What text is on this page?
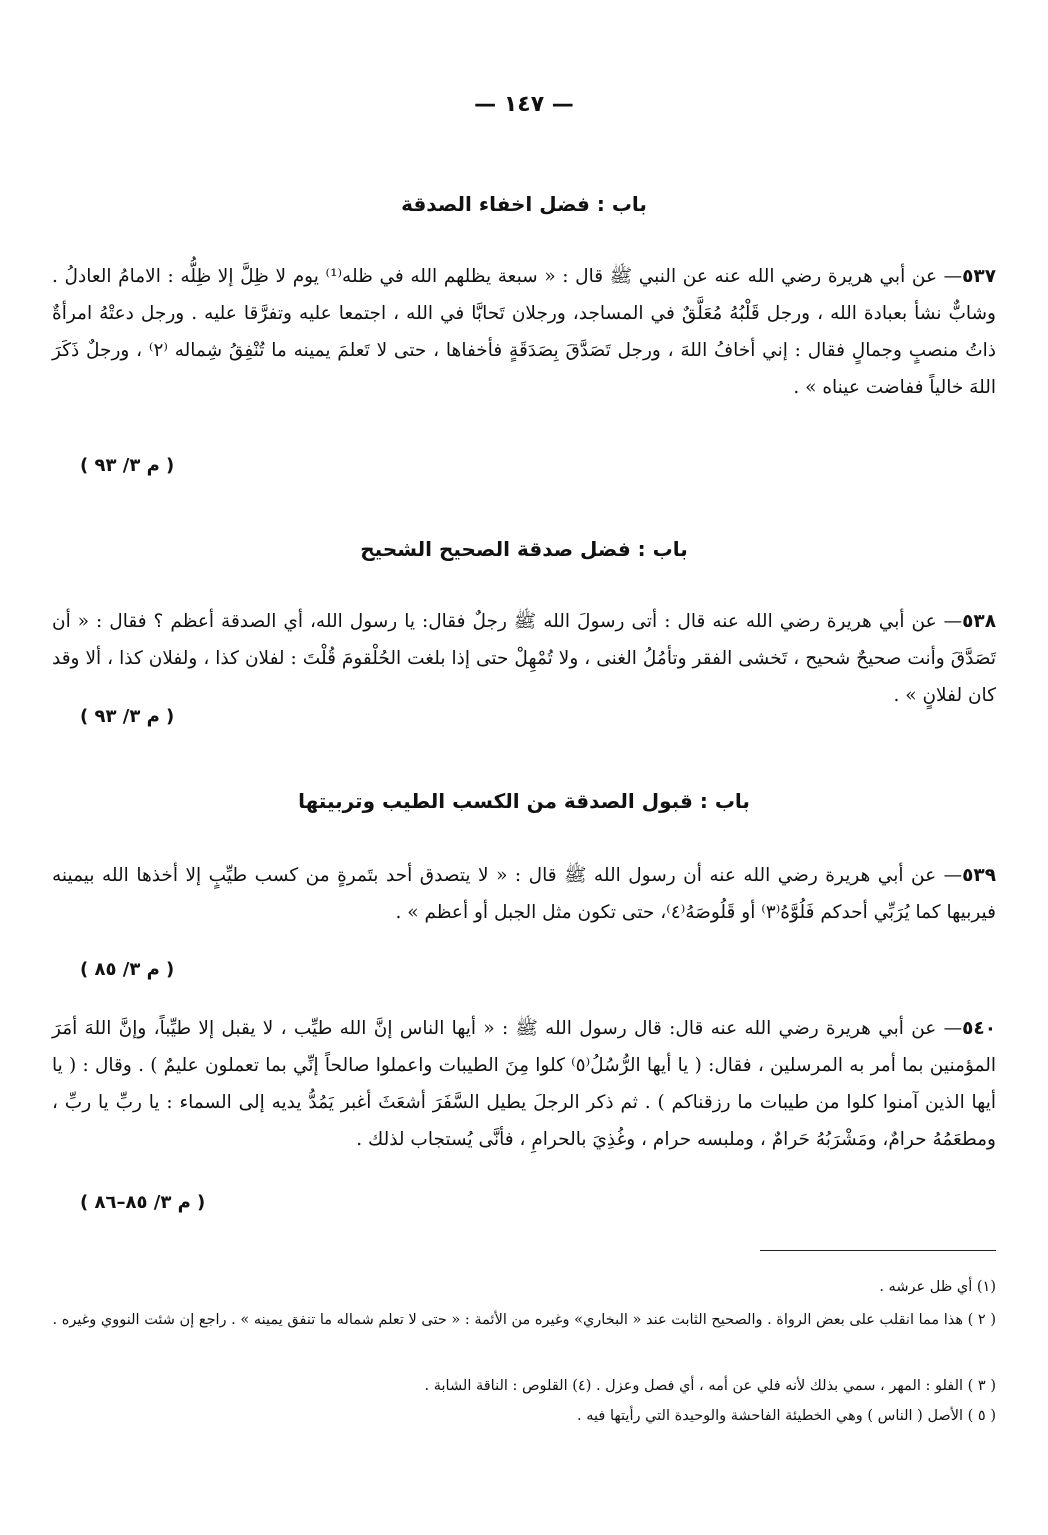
— ١٤٧ —
باب : فضل اخفاء الصدقة
٥٣٧— عن أبي هريرة رضي الله عنه عن النبي ﷺ قال : « سبعة يظلهم الله في ظله⁽¹⁾ يوم لا ظِلَّ إلا ظِلُّه : الامامُ العادلُ . وشابٌّ نشأ بعبادة الله ، ورجل قَلْبُهُ مُعَلَّقٌ في المساجد، ورجلان تَحابَّا في الله ، اجتمعا عليه وتفرَّقا عليه . ورجل دعتْهُ امرأةٌ ذاتُ منصبٍ وجمالٍ فقال : إني أخافُ اللهَ ، ورجل تَصَدَّقَ بِصَدَقَةٍ فأخفاها ، حتى لا تَعلمَ يمينه ما تُنْفِقُ شِماله ⁽٢⁾ ، ورجلٌ ذَكَرَ اللهَ خالياً ففاضت عيناه » .
( م ٣/ ٩٣ )
باب : فضل صدقة الصحيح الشحيح
٥٣٨— عن أبي هريرة رضي الله عنه قال : أتى رسولَ الله ﷺ رجلٌ فقال: يا رسول الله، أي الصدقة أعظم ؟ فقال : « أن تَصَدَّقَ وأنت صحيحٌ شحيح ، تَخشى الفقر وتأمُلُ الغنى ، ولا تُمْهِلْ حتى إذا بلغت الحُلْقومَ قُلْتَ : لفلان كذا ، ولفلان كذا ، ألا وقد كان لفلانٍ » .
( م ٣/ ٩٣ )
باب : قبول الصدقة من الكسب الطيب وتربيتها
٥٣٩— عن أبي هريرة رضي الله عنه أن رسول الله ﷺ قال : « لا يتصدق أحد بتَمرةٍ من كسب طيِّبٍ إلا أخذها الله بيمينه فيربيها كما يُرَبِّي أحدكم فَلُوَّهُ⁽٣⁾ أو قَلُوصَهُ⁽٤⁾، حتى تكون مثل الجبل أو أعظم » .
( م ٣/ ٨٥ )
٥٤٠— عن أبي هريرة رضي الله عنه قال: قال رسول الله ﷺ : « أيها الناس إنَّ الله طيِّب ، لا يقبل إلا طيِّباً، وإنَّ اللهَ أمَرَ المؤمنين بما أمر به المرسلين ، فقال: ( يا أيها الرُّسُلُ⁽٥⁾ كلوا مِنَ الطيبات واعملوا صالحاً إنِّي بما تعملون عليمٌ ) . وقال : ( يا أيها الذين آمنوا كلوا من طيبات ما رزقناكم ) . ثم ذكر الرجلَ يطيل السَّفَرَ أشعَثَ أغبر يَمُدُّ يديه إلى السماء : يا ربِّ يا ربِّ ، ومطعَمُهُ حرامٌ، ومَشْرَبُهُ حَرامٌ ، وملبسه حرام ، وغُذِيَ بالحرامِ ، فأنَّى يُستجاب لذلك .
( م ٣/ ٨٥–٨٦ )
(١) أي ظل عرشه .
( ٢ ) هذا مما انقلب على بعض الرواة . والصحيح الثابت عند « البخاري» وغيره من الأئمة : « حتى لا تعلم شماله ما تنفق يمينه » . راجع إن شئت النووي وغيره .
( ٣ ) الفلو : المهر ، سمي بذلك لأنه فلي عن أمه ، أي فصل وعزل . (٤) القلوص : الناقة الشابة .
( ٥ ) الأصل ( الناس ) وهي الخطيئة الفاحشة والوحيدة التي رأيتها فيه .
